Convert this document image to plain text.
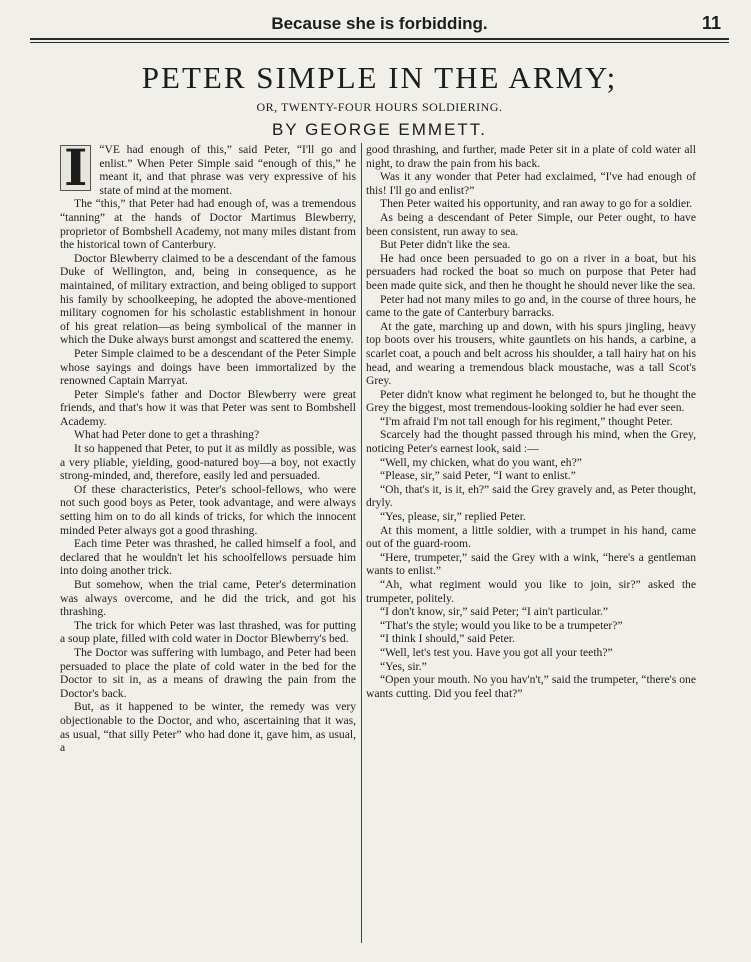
Because she is forbidding.	11
PETER SIMPLE IN THE ARMY;
OR, TWENTY-FOUR HOURS SOLDIERING.
BY GEORGE EMMETT.
I	“VE had enough of this,” said Peter, “I'll go and enlist.” When Peter Simple said “enough of this,” he meant it, and that phrase was very expressive of his state of mind at the moment.

The “this,” that Peter had had enough of, was a tremendous “tanning” at the hands of Doctor Martimus Blewberry, proprietor of Bombshell Academy, not many miles distant from the historical town of Canterbury.

Doctor Blewberry claimed to be a descendant of the famous Duke of Wellington, and, being in consequence, as he maintained, of military extraction, and being obliged to support his family by schoolkeeping, he adopted the above-mentioned military cognomen for his scholastic establishment in honour of his great relation—as being symbolical of the manner in which the Duke always burst amongst and scattered the enemy.

Peter Simple claimed to be a descendant of the Peter Simple whose sayings and doings have been immortalized by the renowned Captain Marryat.

Peter Simple's father and Doctor Blewberry were great friends, and that's how it was that Peter was sent to Bombshell Academy.

What had Peter done to get a thrashing?

It so happened that Peter, to put it as mildly as possible, was a very pliable, yielding, good-natured boy—a boy, not exactly strong-minded, and, therefore, easily led and persuaded.

Of these characteristics, Peter's school-fellows, who were not such good boys as Peter, took advantage, and were always setting him on to do all kinds of tricks, for which the innocent minded Peter always got a good thrashing.

Each time Peter was thrashed, he called himself a fool, and declared that he wouldn't let his schoolfellows persuade him into doing another trick.

But somehow, when the trial came, Peter's determination was always overcome, and he did the trick, and got his thrashing.

The trick for which Peter was last thrashed, was for putting a soup plate, filled with cold water in Doctor Blewberry's bed.

The Doctor was suffering with lumbago, and Peter had been persuaded to place the plate of cold water in the bed for the Doctor to sit in, as a means of drawing the pain from the Doctor's back.

But, as it happened to be winter, the remedy was very objectionable to the Doctor, and who, ascertaining that it was, as usual, “that silly Peter” who had done it, gave him, as usual, a

good thrashing, and further, made Peter sit in a plate of cold water all night, to draw the pain from his back.

Was it any wonder that Peter had exclaimed, “I've had enough of this! I'll go and enlist?”

Then Peter waited his opportunity, and ran away to go for a soldier.

As being a descendant of Peter Simple, our Peter ought, to have been consistent, run away to sea.

But Peter didn't like the sea.

He had once been persuaded to go on a river in a boat, but his persuaders had rocked the boat so much on purpose that Peter had been made quite sick, and then he thought he should never like the sea.

Peter had not many miles to go and, in the course of three hours, he came to the gate of Canterbury barracks.

At the gate, marching up and down, with his spurs jingling, heavy top boots over his trousers, white gauntlets on his hands, a carbine, a scarlet coat, a pouch and belt across his shoulder, a tall hairy hat on his head, and wearing a tremendous black moustache, was a tall Scot's Grey.

Peter didn't know what regiment he belonged to, but he thought the Grey the biggest, most tremendous-looking soldier he had ever seen.

“I'm afraid I'm not tall enough for his regiment,” thought Peter.

Scarcely had the thought passed through his mind, when the Grey, noticing Peter's earnest look, said :—

“Well, my chicken, what do you want, eh?”

“Please, sir,” said Peter, “I want to enlist.”

“Oh, that's it, is it, eh?” said the Grey gravely and, as Peter thought, dryly.

“Yes, please, sir,” replied Peter.

At this moment, a little soldier, with a trumpet in his hand, came out of the guard-room.

“Here, trumpeter,” said the Grey with a wink, “here's a gentleman wants to enlist.”

“Ah, what regiment would you like to join, sir?” asked the trumpeter, politely.

“I don't know, sir,” said Peter; “I ain't particular.”

“That's the style; would you like to be a trumpeter?”

“I think I should,” said Peter.

“Well, let's test you. Have you got all your teeth?”

“Yes, sir.”

“Open your mouth. No you hav'n't,” said the trumpeter, “there's one wants cutting. Did you feel that?”
